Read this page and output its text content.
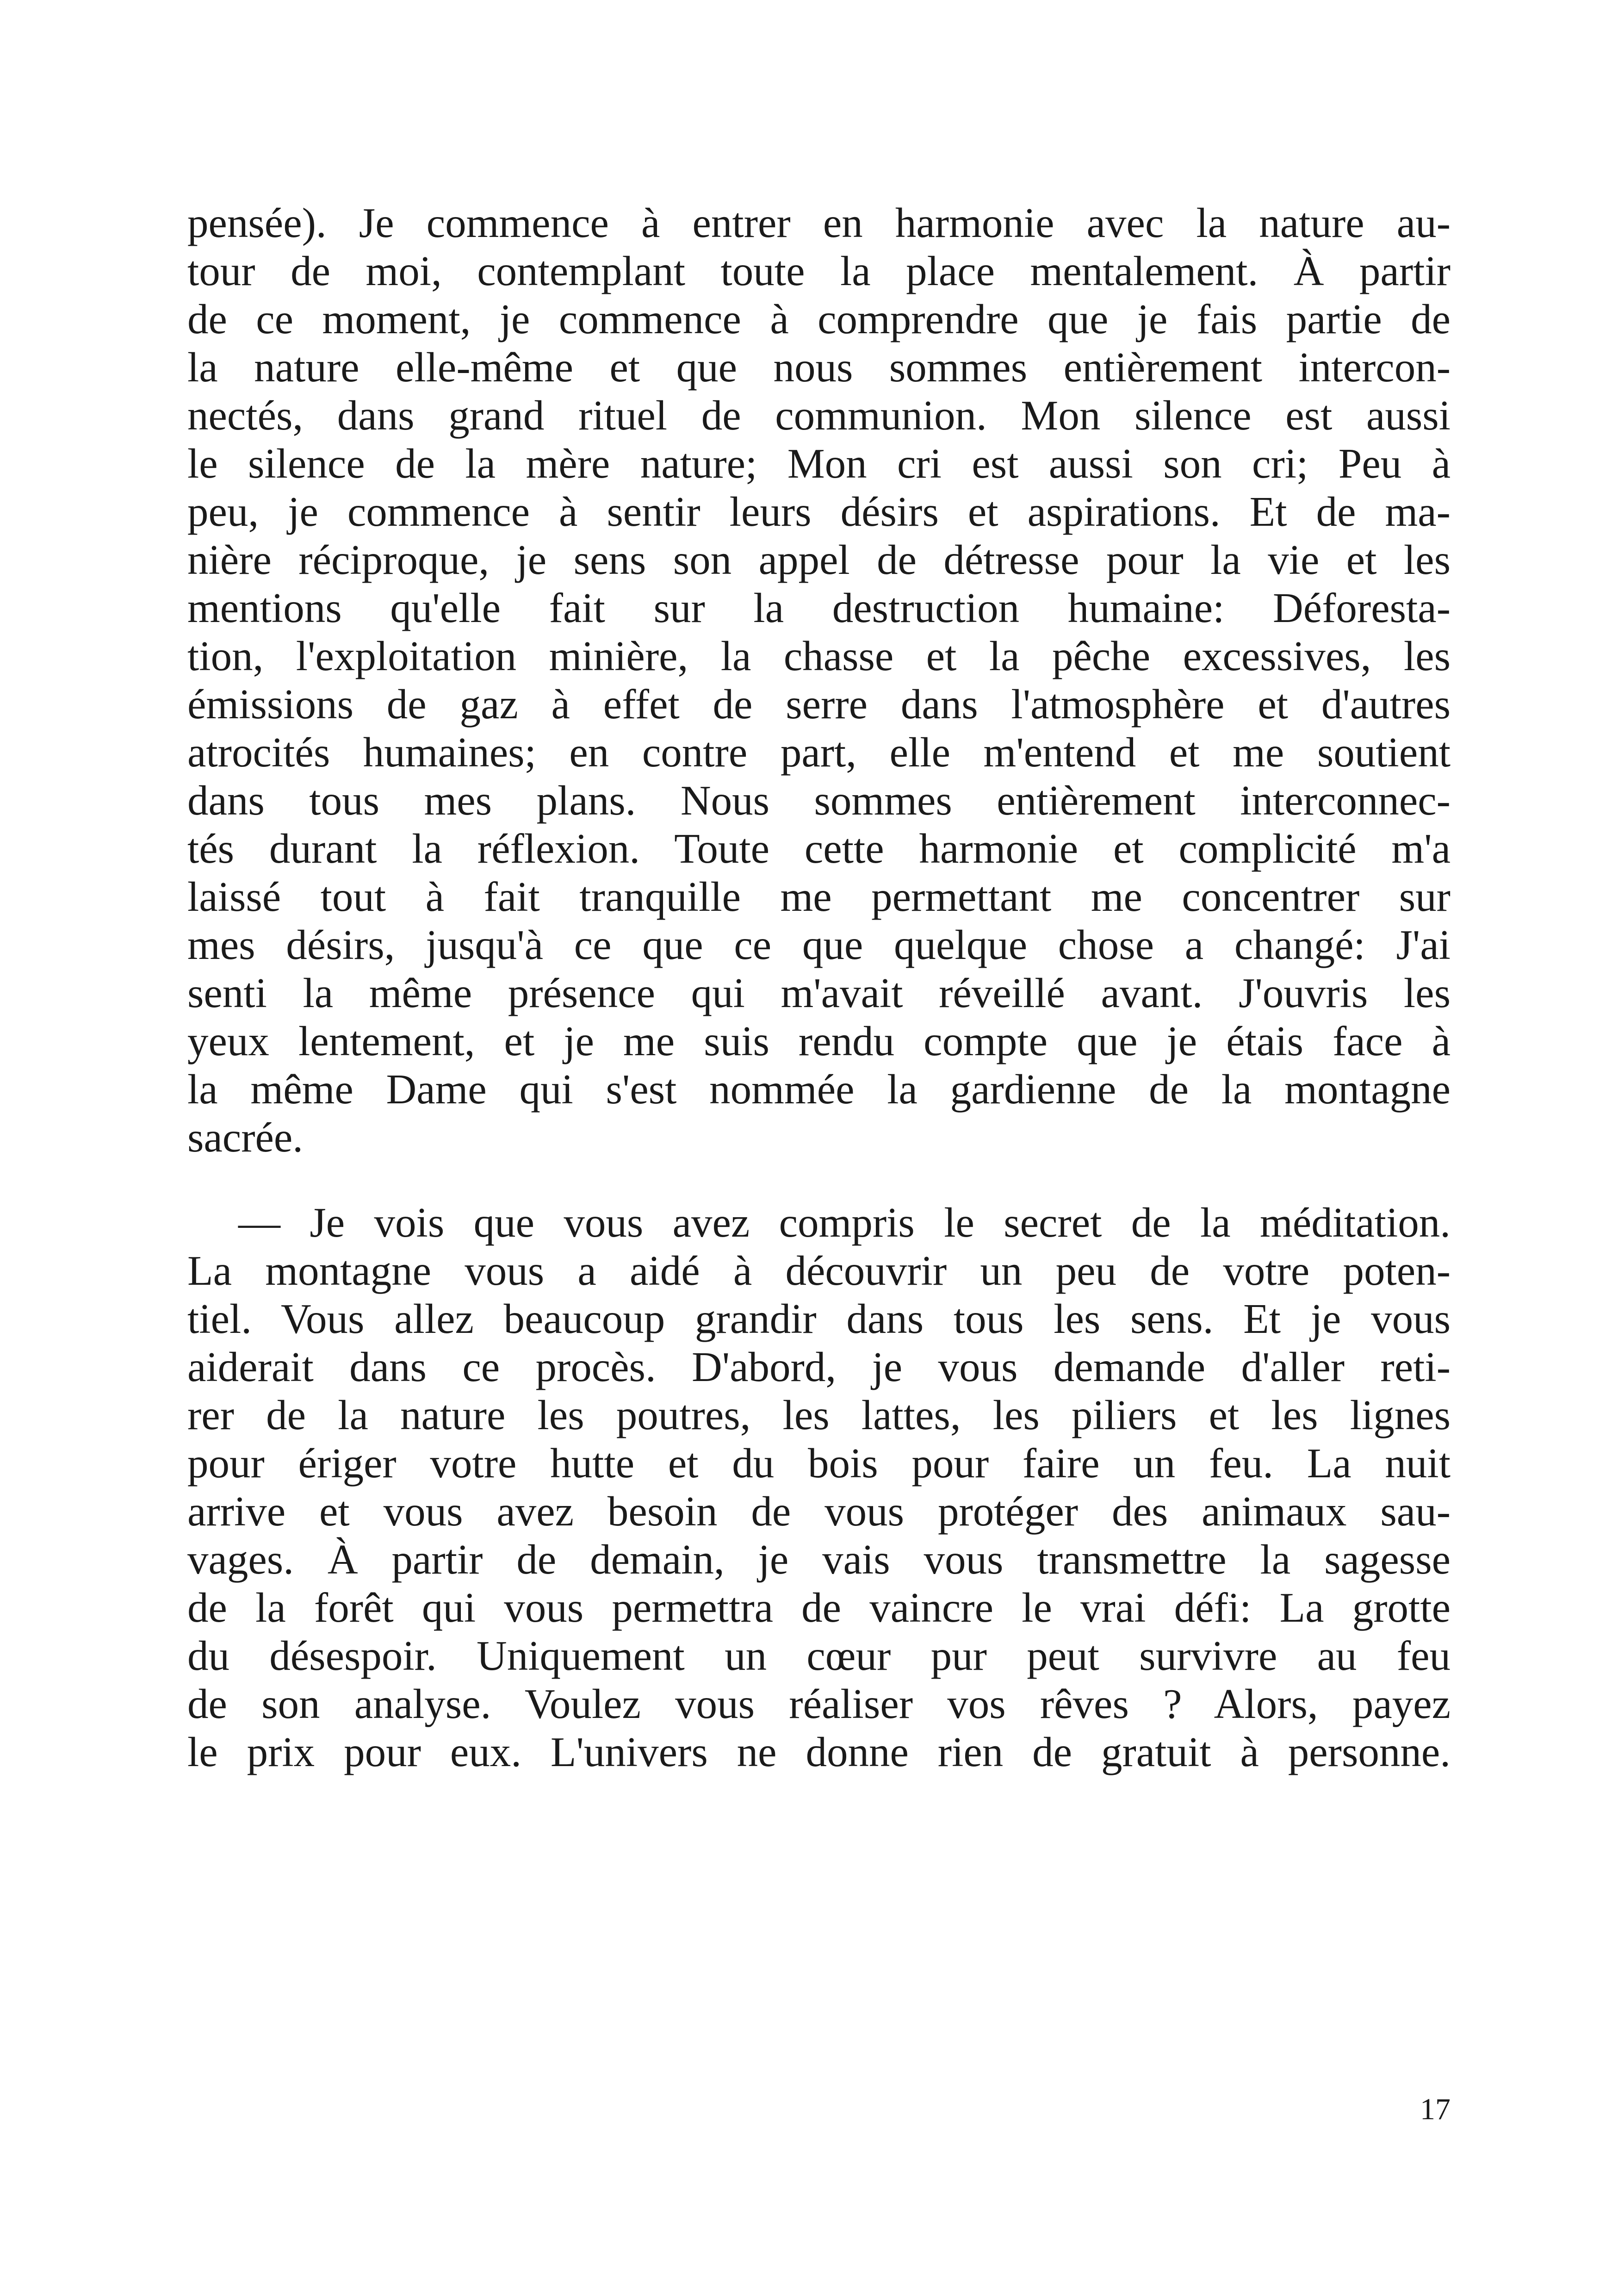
pensée). Je commence à entrer en harmonie avec la nature au-
tour de moi, contemplant toute la place mentalement. À partir
de ce moment, je commence à comprendre que je fais partie de
la nature elle-même et que nous sommes entièrement intercon-
nectés, dans grand rituel de communion. Mon silence est aussi
le silence de la mère nature; Mon cri est aussi son cri; Peu à
peu, je commence à sentir leurs désirs et aspirations. Et de ma-
nière réciproque, je sens son appel de détresse pour la vie et les
mentions qu'elle fait sur la destruction humaine: Déforesta-
tion, l'exploitation minière, la chasse et la pêche excessives, les
émissions de gaz à effet de serre dans l'atmosphère et d'autres
atrocités humaines; en contre part, elle m'entend et me soutient
dans tous mes plans. Nous sommes entièrement interconnec-
tés durant la réflexion. Toute cette harmonie et complicité m'a
laissé tout à fait tranquille me permettant me concentrer sur
mes désirs, jusqu'à ce que ce que quelque chose a changé: J'ai
senti la même présence qui m'avait réveillé avant. J'ouvris les
yeux lentement, et je me suis rendu compte que je étais face à
la même Dame qui s'est nommée la gardienne de la montagne
sacrée.
— Je vois que vous avez compris le secret de la méditation.
La montagne vous a aidé à découvrir un peu de votre poten-
tiel. Vous allez beaucoup grandir dans tous les sens. Et je vous
aiderait dans ce procès. D'abord, je vous demande d'aller reti-
rer de la nature les poutres, les lattes, les piliers et les lignes
pour ériger votre hutte et du bois pour faire un feu. La nuit
arrive et vous avez besoin de vous protéger des animaux sau-
vages. À partir de demain, je vais vous transmettre la sagesse
de la forêt qui vous permettra de vaincre le vrai défi: La grotte
du désespoir. Uniquement un cœur pur peut survivre au feu
de son analyse. Voulez vous réaliser vos rêves ? Alors, payez
le prix pour eux. L'univers ne donne rien de gratuit à personne.
17
